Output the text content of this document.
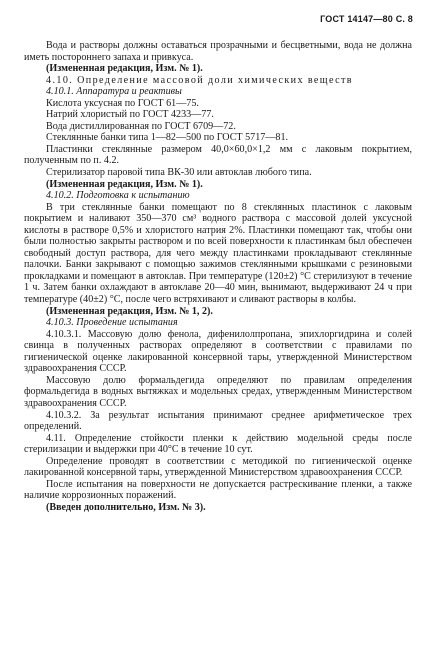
ГОСТ 14147—80 С. 8

Вода и растворы должны оставаться прозрачными и бесцветными, вода не должна иметь постороннего запаха и привкуса.

(Измененная редакция, Изм. № 1).

4.10. Определение массовой доли химических веществ

4.10.1. Аппаратура и реактивы

Кислота уксусная по ГОСТ 61—75.

Натрий хлористый по ГОСТ 4233—77.

Вода дистиллированная по ГОСТ 6709—72.

Стеклянные банки типа 1—82—500 по ГОСТ 5717—81.

Пластинки стеклянные размером 40,0×60,0×1,2 мм с лаковым покрытием, полученным по п. 4.2.

Стерилизатор паровой типа ВК-30 или автоклав любого типа.

(Измененная редакция, Изм. № 1).

4.10.2. Подготовка к испытанию

В три стеклянные банки помещают по 8 стеклянных пластинок с лаковым покрытием и наливают 350—370 см³ водного раствора с массовой долей уксусной кислоты в растворе 0,5% и хлористого натрия 2%. Пластинки помещают так, чтобы они были полностью закрыты раствором и по всей поверхности к пластинкам был обеспечен свободный доступ раствора, для чего между пластинками прокладывают стеклянные палочки. Банки закрывают с помощью зажимов стеклянными крышками с резиновыми прокладками и помещают в автоклав. При температуре (120±2) °С стерилизуют в течение 1 ч. Затем банки охлаждают в автоклаве 20—40 мин, вынимают, выдерживают 24 ч при температуре (40±2) °С, после чего встряхивают и сливают растворы в колбы.

(Измененная редакция, Изм. № 1, 2).

4.10.3. Проведение испытания

4.10.3.1. Массовую долю фенола, дифенилолпропана, эпихлоргидрина и солей свинца в полученных растворах определяют в соответствии с правилами по гигиенической оценке лакированной консервной тары, утвержденной Министерством здравоохранения СССР.

Массовую долю формальдегида определяют по правилам определения формальдегида в водных вытяжках и модельных средах, утвержденным Министерством здравоохранения СССР.

4.10.3.2. За результат испытания принимают среднее арифметическое трех определений.

4.11. Определение стойкости пленки к действию модельной среды после стерилизации и выдержки при 40°С в течение 10 сут.

Определение проводят в соответствии с методикой по гигиенической оценке лакированной консервной тары, утвержденной Министерством здравоохранения СССР.

После испытания на поверхности не допускается растрескивание пленки, а также наличие коррозионных поражений.

(Введен дополнительно, Изм. № 3).
